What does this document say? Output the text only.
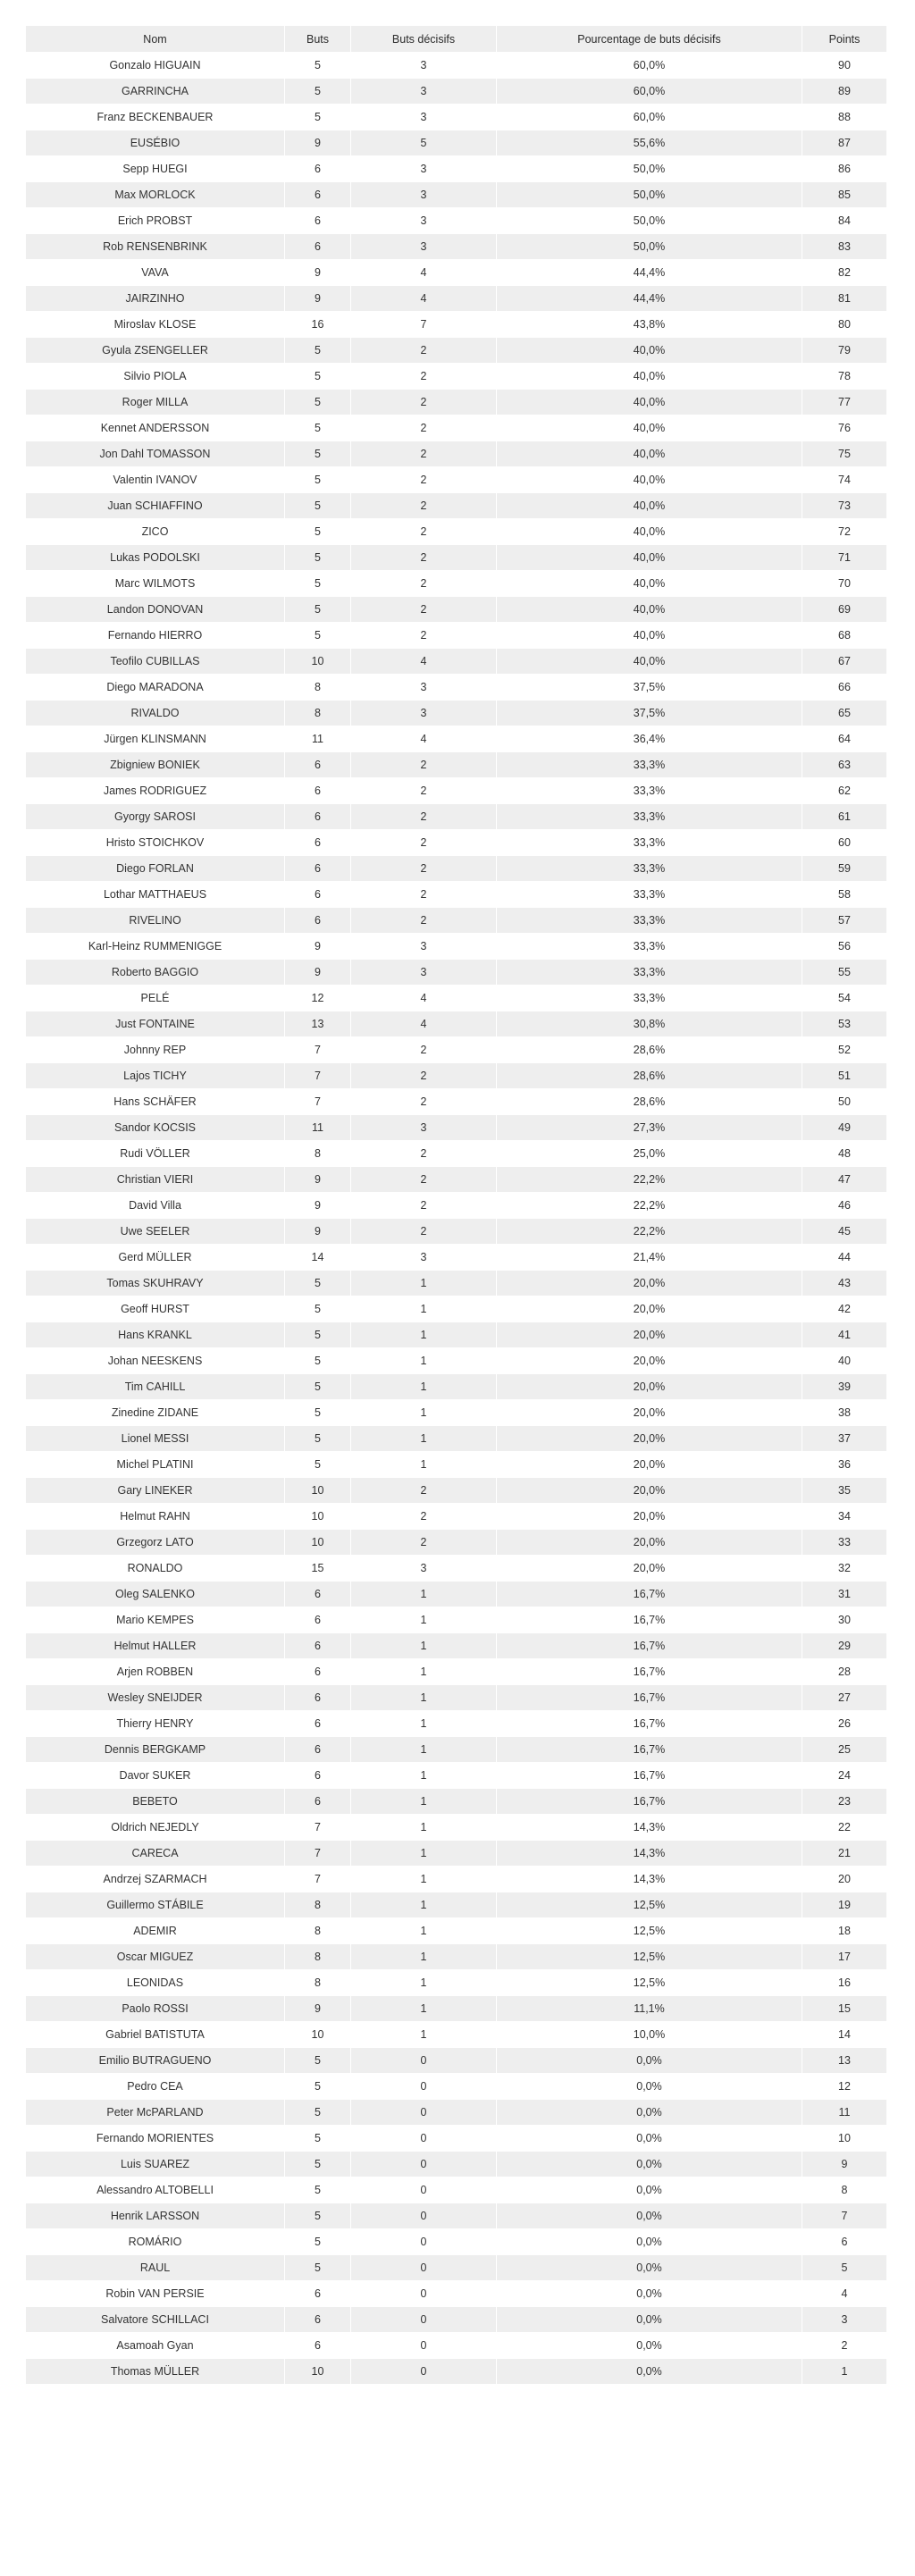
Nom	Buts	Buts décisifs	Pourcentage de buts décisifs	Points
Gonzalo HIGUAIN	5	3	60,0%	90
GARRINCHA	5	3	60,0%	89
Franz BECKENBAUER	5	3	60,0%	88
EUSÉBIO	9	5	55,6%	87
Sepp HUEGI	6	3	50,0%	86
Max MORLOCK	6	3	50,0%	85
Erich PROBST	6	3	50,0%	84
Rob RENSENBRINK	6	3	50,0%	83
VAVA	9	4	44,4%	82
JAIRZINHO	9	4	44,4%	81
Miroslav KLOSE	16	7	43,8%	80
Gyula ZSENGELLER	5	2	40,0%	79
Silvio PIOLA	5	2	40,0%	78
Roger MILLA	5	2	40,0%	77
Kennet ANDERSSON	5	2	40,0%	76
Jon Dahl TOMASSON	5	2	40,0%	75
Valentin IVANOV	5	2	40,0%	74
Juan SCHIAFFINO	5	2	40,0%	73
ZICO	5	2	40,0%	72
Lukas PODOLSKI	5	2	40,0%	71
Marc WILMOTS	5	2	40,0%	70
Landon DONOVAN	5	2	40,0%	69
Fernando HIERRO	5	2	40,0%	68
Teofilo CUBILLAS	10	4	40,0%	67
Diego MARADONA	8	3	37,5%	66
RIVALDO	8	3	37,5%	65
Jürgen KLINSMANN	11	4	36,4%	64
Zbigniew BONIEK	6	2	33,3%	63
James RODRIGUEZ	6	2	33,3%	62
Gyorgy SAROSI	6	2	33,3%	61
Hristo STOICHKOV	6	2	33,3%	60
Diego FORLAN	6	2	33,3%	59
Lothar MATTHAEUS	6	2	33,3%	58
RIVELINO	6	2	33,3%	57
Karl-Heinz RUMMENIGGE	9	3	33,3%	56
Roberto BAGGIO	9	3	33,3%	55
PELÉ	12	4	33,3%	54
Just FONTAINE	13	4	30,8%	53
Johnny REP	7	2	28,6%	52
Lajos TICHY	7	2	28,6%	51
Hans SCHÄFER	7	2	28,6%	50
Sandor KOCSIS	11	3	27,3%	49
Rudi VÖLLER	8	2	25,0%	48
Christian VIERI	9	2	22,2%	47
David Villa	9	2	22,2%	46
Uwe SEELER	9	2	22,2%	45
Gerd MÜLLER	14	3	21,4%	44
Tomas SKUHRAVY	5	1	20,0%	43
Geoff HURST	5	1	20,0%	42
Hans KRANKL	5	1	20,0%	41
Johan NEESKENS	5	1	20,0%	40
Tim CAHILL	5	1	20,0%	39
Zinedine ZIDANE	5	1	20,0%	38
Lionel MESSI	5	1	20,0%	37
Michel PLATINI	5	1	20,0%	36
Gary LINEKER	10	2	20,0%	35
Helmut RAHN	10	2	20,0%	34
Grzegorz LATO	10	2	20,0%	33
RONALDO	15	3	20,0%	32
Oleg SALENKO	6	1	16,7%	31
Mario KEMPES	6	1	16,7%	30
Helmut HALLER	6	1	16,7%	29
Arjen ROBBEN	6	1	16,7%	28
Wesley SNEIJDER	6	1	16,7%	27
Thierry HENRY	6	1	16,7%	26
Dennis BERGKAMP	6	1	16,7%	25
Davor SUKER	6	1	16,7%	24
BEBETO	6	1	16,7%	23
Oldrich NEJEDLY	7	1	14,3%	22
CARECA	7	1	14,3%	21
Andrzej SZARMACH	7	1	14,3%	20
Guillermo STÁBILE	8	1	12,5%	19
ADEMIR	8	1	12,5%	18
Oscar MIGUEZ	8	1	12,5%	17
LEONIDAS	8	1	12,5%	16
Paolo ROSSI	9	1	11,1%	15
Gabriel BATISTUTA	10	1	10,0%	14
Emilio BUTRAGUENO	5	0	0,0%	13
Pedro CEA	5	0	0,0%	12
Peter McPARLAND	5	0	0,0%	11
Fernando MORIENTES	5	0	0,0%	10
Luis SUAREZ	5	0	0,0%	9
Alessandro ALTOBELLI	5	0	0,0%	8
Henrik LARSSON	5	0	0,0%	7
ROMÁRIO	5	0	0,0%	6
RAUL	5	0	0,0%	5
Robin VAN PERSIE	6	0	0,0%	4
Salvatore SCHILLACI	6	0	0,0%	3
Asamoah Gyan	6	0	0,0%	2
Thomas MÜLLER	10	0	0,0%	1
